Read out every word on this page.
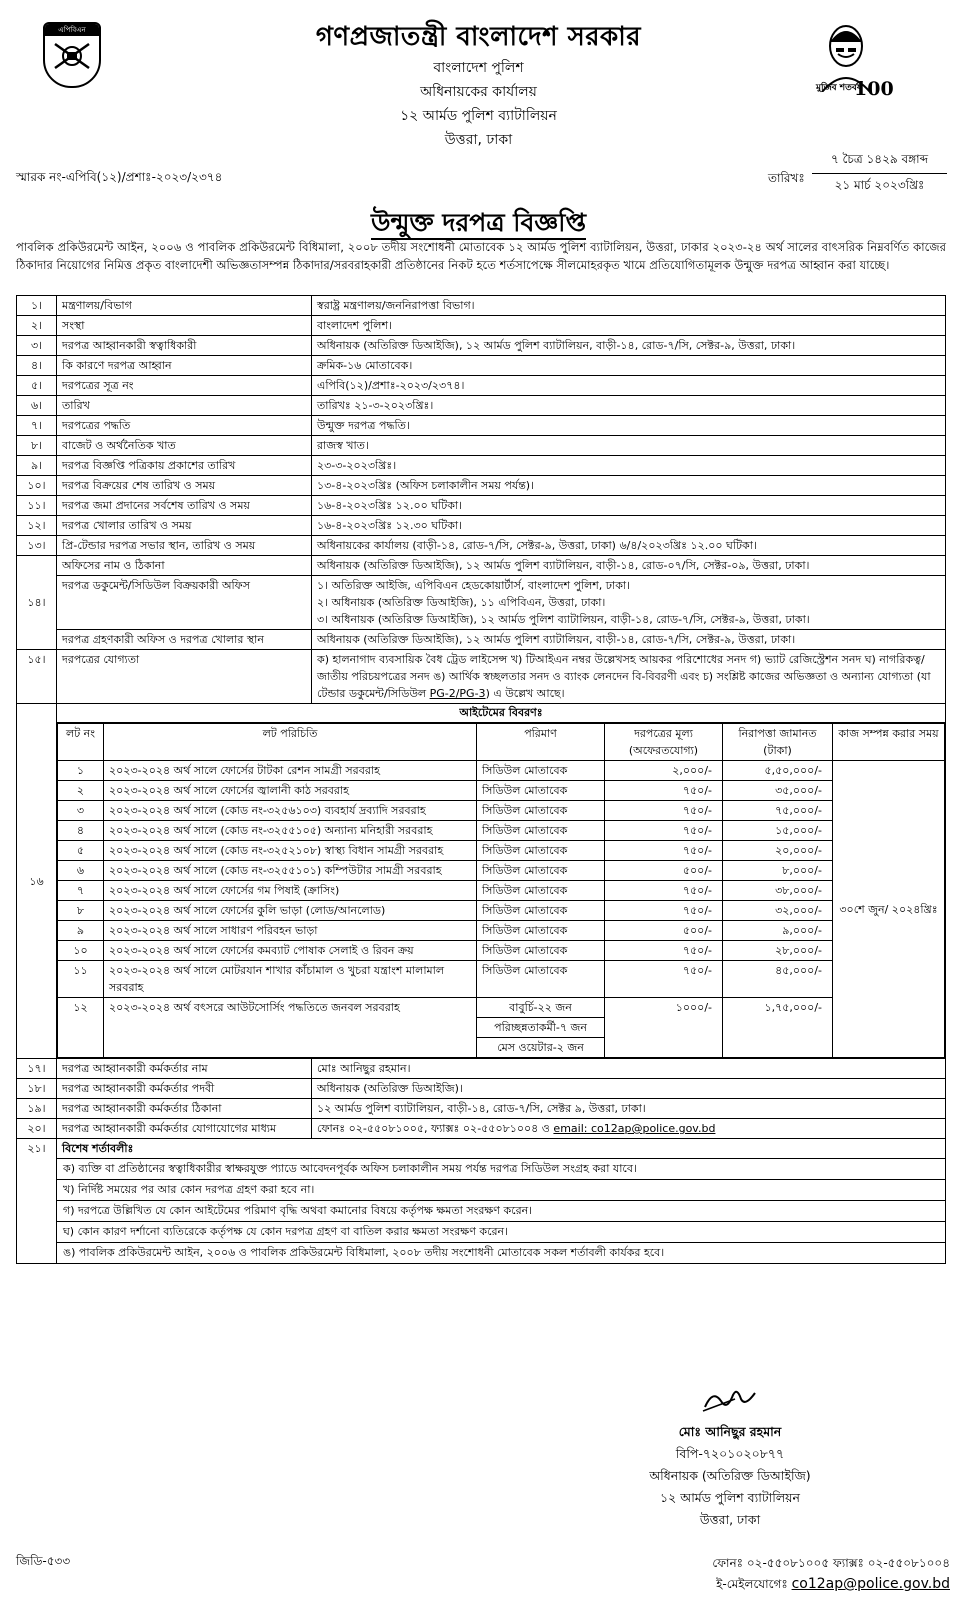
এপিবিএন
মুজিব শতবর্ষ
100
গণপ্রজাতন্ত্রী বাংলাদেশ সরকার
বাংলাদেশ পুলিশ
অধিনায়কের কার্যালয়
১২ আর্মড পুলিশ ব্যাটালিয়ন
উত্তরা, ঢাকা
স্মারক নং-এপিবি(১২)/প্রশাঃ-২০২৩/২৩৭৪	তারিখঃ
৭ চৈত্র ১৪২৯ বঙ্গাব্দ
২১ মার্চ ২০২৩খ্রিঃ
উন্মুক্ত দরপত্র বিজ্ঞপ্তি
পাবলিক প্রকিউরমেন্ট আইন, ২০০৬ ও পাবলিক প্রকিউরমেন্ট বিধিমালা, ২০০৮ তদীয় সংশোধনী মোতাবেক ১২ আর্মড পুলিশ ব্যাটালিয়ন, উত্তরা, ঢাকার ২০২৩-২৪ অর্থ সালের বাৎসরিক নিম্নবর্ণিত কাজের ঠিকাদার নিয়োগের নিমিত্ত প্রকৃত বাংলাদেশী অভিজ্ঞতাসম্পন্ন ঠিকাদার/সরবরাহকারী প্রতিষ্ঠানের নিকট হতে শর্তসাপেক্ষে সীলমোহরকৃত খামে প্রতিযোগিতামূলক উন্মুক্ত দরপত্র আহ্বান করা যাচ্ছে।
১।	মন্ত্রণালয়/বিভাগ	স্বরাষ্ট্র মন্ত্রণালয়/জননিরাপত্তা বিভাগ।
২।	সংস্থা	বাংলাদেশ পুলিশ।
৩।	দরপত্র আহ্বানকারী স্বত্বাধিকারী	অধিনায়ক (অতিরিক্ত ডিআইজি), ১২ আর্মড পুলিশ ব্যাটালিয়ন, বাড়ী-১৪, রোড-৭/সি, সেক্টর-৯, উত্তরা, ঢাকা।
৪।	কি কারণে দরপত্র আহ্বান	ক্রমিক-১৬ মোতাবেক।
৫।	দরপত্রের সূত্র নং	এপিবি(১২)/প্রশাঃ-২০২৩/২৩৭৪।
৬।	তারিখ	তারিখঃ ২১-৩-২০২৩খ্রিঃ।
৭।	দরপত্রের পদ্ধতি	উন্মুক্ত দরপত্র পদ্ধতি।
৮।	বাজেট ও অর্থনৈতিক খাত	রাজস্ব খাত।
৯।	দরপত্র বিজ্ঞপ্তি পত্রিকায় প্রকাশের তারিখ	২৩-৩-২০২৩খ্রিঃ।
১০।	দরপত্র বিক্রয়ের শেষ তারিখ ও সময়	১৩-৪-২০২৩খ্রিঃ (অফিস চলাকালীন সময় পর্যন্ত)।
১১।	দরপত্র জমা প্রদানের সর্বশেষ তারিখ ও সময়	১৬-৪-২০২৩খ্রিঃ ১২.০০ ঘটিকা।
১২।	দরপত্র খোলার তারিখ ও সময়	১৬-৪-২০২৩খ্রিঃ ১২.৩০ ঘটিকা।
১৩।	প্রি-টেন্ডার দরপত্র সভার স্থান, তারিখ ও সময়	অধিনায়কের কার্যালয় (বাড়ী-১৪, রোড-৭/সি, সেক্টর-৯, উত্তরা, ঢাকা) ৬/৪/২০২৩খ্রিঃ ১২.০০ ঘটিকা।
১৪।	অফিসের নাম ও ঠিকানা	অধিনায়ক (অতিরিক্ত ডিআইজি), ১২ আর্মড পুলিশ ব্যাটালিয়ন, বাড়ী-১৪, রোড-০৭/সি, সেক্টর-০৯, উত্তরা, ঢাকা।
দরপত্র ডকুমেন্ট/সিডিউল বিক্রয়কারী অফিস	১। অতিরিক্ত আইজি, এপিবিএন হেডকোয়ার্টার্স, বাংলাদেশ পুলিশ, ঢাকা।
২। অধিনায়ক (অতিরিক্ত ডিআইজি), ১১ এপিবিএন, উত্তরা, ঢাকা।
৩। অধিনায়ক (অতিরিক্ত ডিআইজি), ১২ আর্মড পুলিশ ব্যাটালিয়ন, বাড়ী-১৪, রোড-৭/সি, সেক্টর-৯, উত্তরা, ঢাকা।

দরপত্র গ্রহণকারী অফিস ও দরপত্র খোলার স্থান	অধিনায়ক (অতিরিক্ত ডিআইজি), ১২ আর্মড পুলিশ ব্যাটালিয়ন, বাড়ী-১৪, রোড-৭/সি, সেক্টর-৯, উত্তরা, ঢাকা।
১৫।	দরপত্রের যোগ্যতা	ক) হালনাগাদ ব্যবসায়িক বৈধ ট্রেড লাইসেন্স খ) টিআইএন নম্বর উল্লেখসহ আয়কর পরিশোধের সনদ গ) ভ্যাট রেজিস্ট্রেশন সনদ ঘ) নাগরিকত্ব/জাতীয় পরিচয়পত্রের সনদ ঙ) আর্থিক স্বচ্ছলতার সনদ ও ব্যাংক লেনদেন বি-বিবরণী এবং চ) সংশ্লিষ্ট কাজের অভিজ্ঞতা ও অন্যান্য যোগ্যতা (যা টেন্ডার ডকুমেন্ট/সিডিউল PG-2/PG-3) এ উল্লেখ আছে।
১৬	
আইটেমের বিবরণঃ
লট নং	লট পরিচিতি	পরিমাণ	দরপত্রের মূল্য (অফেরতযোগ্য)	নিরাপত্তা জামানত (টাকা)	কাজ সম্পন্ন করার সময়
১	২০২৩-২০২৪ অর্থ সালে ফোর্সের টাটকা রেশন সামগ্রী সরবরাহ	সিডিউল মোতাবেক	২,০০০/-	৫,৫০,০০০/-	৩০শে জুন/ ২০২৪খ্রিঃ
২	২০২৩-২০২৪ অর্থ সালে ফোর্সের জ্বালানী কাঠ সরবরাহ	সিডিউল মোতাবেক	৭৫০/-	৩৫,০০০/-
৩	২০২৩-২০২৪ অর্থ সালে (কোড নং-৩২৫৬১০৩) ব্যবহার্য দ্রব্যাদি সরবরাহ	সিডিউল মোতাবেক	৭৫০/-	৭৫,০০০/-
৪	২০২৩-২০২৪ অর্থ সালে (কোড নং-৩২৫৫১০৫) অন্যান্য মনিহারী সরবরাহ	সিডিউল মোতাবেক	৭৫০/-	১৫,০০০/-
৫	২০২৩-২০২৪ অর্থ সালে (কোড নং-৩২৫২১০৮) স্বাস্থ্য বিধান সামগ্রী সরবরাহ	সিডিউল মোতাবেক	৭৫০/-	২০,০০০/-
৬	২০২৩-২০২৪ অর্থ সালে (কোড নং-৩২৫৫১০১) কম্পিউটার সামগ্রী সরবরাহ	সিডিউল মোতাবেক	৫০০/-	৮,০০০/-
৭	২০২৩-২০২৪ অর্থ সালে ফোর্সের গম পিষাই (ক্রাসিং)	সিডিউল মোতাবেক	৭৫০/-	৩৮,০০০/-
৮	২০২৩-২০২৪ অর্থ সালে ফোর্সের কুলি ভাড়া (লোড/আনলোড)	সিডিউল মোতাবেক	৭৫০/-	৩২,০০০/-
৯	২০২৩-২০২৪ অর্থ সালে সাধারণ পরিবহন ভাড়া	সিডিউল মোতাবেক	৫০০/-	৯,০০০/-
১০	২০২৩-২০২৪ অর্থ সালে ফোর্সের কমব্যাট পোষাক সেলাই ও রিবন ক্রয়	সিডিউল মোতাবেক	৭৫০/-	২৮,০০০/-
১১	২০২৩-২০২৪ অর্থ সালে মোটরযান শাখার কাঁচামাল ও খুচরা যন্ত্রাংশ মালামাল সরবরাহ	সিডিউল মোতাবেক	৭৫০/-	৪৫,০০০/-
১২	২০২৩-২০২৪ অর্থ বৎসরে আউটসোর্সিং পদ্ধতিতে জনবল সরবরাহ	বাবুর্চি-২২ জন	১০০০/-	১,৭৫,০০০/-
পরিচ্ছন্নতাকর্মী-৭ জন
মেস ওয়েটার-২ জন

১৭।	দরপত্র আহ্বানকারী কর্মকর্তার নাম	মোঃ আনিছুর রহমান।
১৮।	দরপত্র আহ্বানকারী কর্মকর্তার পদবী	অধিনায়ক (অতিরিক্ত ডিআইজি)।
১৯।	দরপত্র আহ্বানকারী কর্মকর্তার ঠিকানা	১২ আর্মড পুলিশ ব্যাটালিয়ন, বাড়ী-১৪, রোড-৭/সি, সেক্টর ৯, উত্তরা, ঢাকা।
২০।	দরপত্র আহ্বানকারী কর্মকর্তার যোগাযোগের মাধ্যম	ফোনঃ ০২-৫৫০৮১০০৫, ফ্যাক্সঃ ০২-৫৫০৮১০০৪ ও email: co12ap@police.gov.bd
২১।	বিশেষ শর্তাবলীঃ
ক) ব্যক্তি বা প্রতিষ্ঠানের স্বত্বাধিকারীর স্বাক্ষরযুক্ত প্যাডে আবেদনপূর্বক অফিস চলাকালীন সময় পর্যন্ত দরপত্র সিডিউল সংগ্রহ করা যাবে।
খ) নির্দিষ্ট সময়ের পর আর কোন দরপত্র গ্রহণ করা হবে না।
গ) দরপত্রে উল্লিখিত যে কোন আইটেমের পরিমাণ বৃদ্ধি অথবা কমানোর বিষয়ে কর্তৃপক্ষ ক্ষমতা সংরক্ষণ করেন।
ঘ) কোন কারণ দর্শানো ব্যতিরেকে কর্তৃপক্ষ যে কোন দরপত্র গ্রহণ বা বাতিল করার ক্ষমতা সংরক্ষণ করেন।
ঙ) পাবলিক প্রকিউরমেন্ট আইন, ২০০৬ ও পাবলিক প্রকিউরমেন্ট বিধিমালা, ২০০৮ তদীয় সংশোধনী মোতাবেক সকল শর্তাবলী কার্যকর হবে।
মোঃ আনিছুর রহমান
বিপি-৭২০১০২০৮৭৭
অধিনায়ক (অতিরিক্ত ডিআইজি)
১২ আর্মড পুলিশ ব্যাটালিয়ন
উত্তরা, ঢাকা
জিডি-৫৩৩	ফোনঃ ০২-৫৫০৮১০০৫ ফ্যাক্সঃ ০২-৫৫০৮১০০৪
ই-মেইলযোগেঃ co12ap@police.gov.bd
